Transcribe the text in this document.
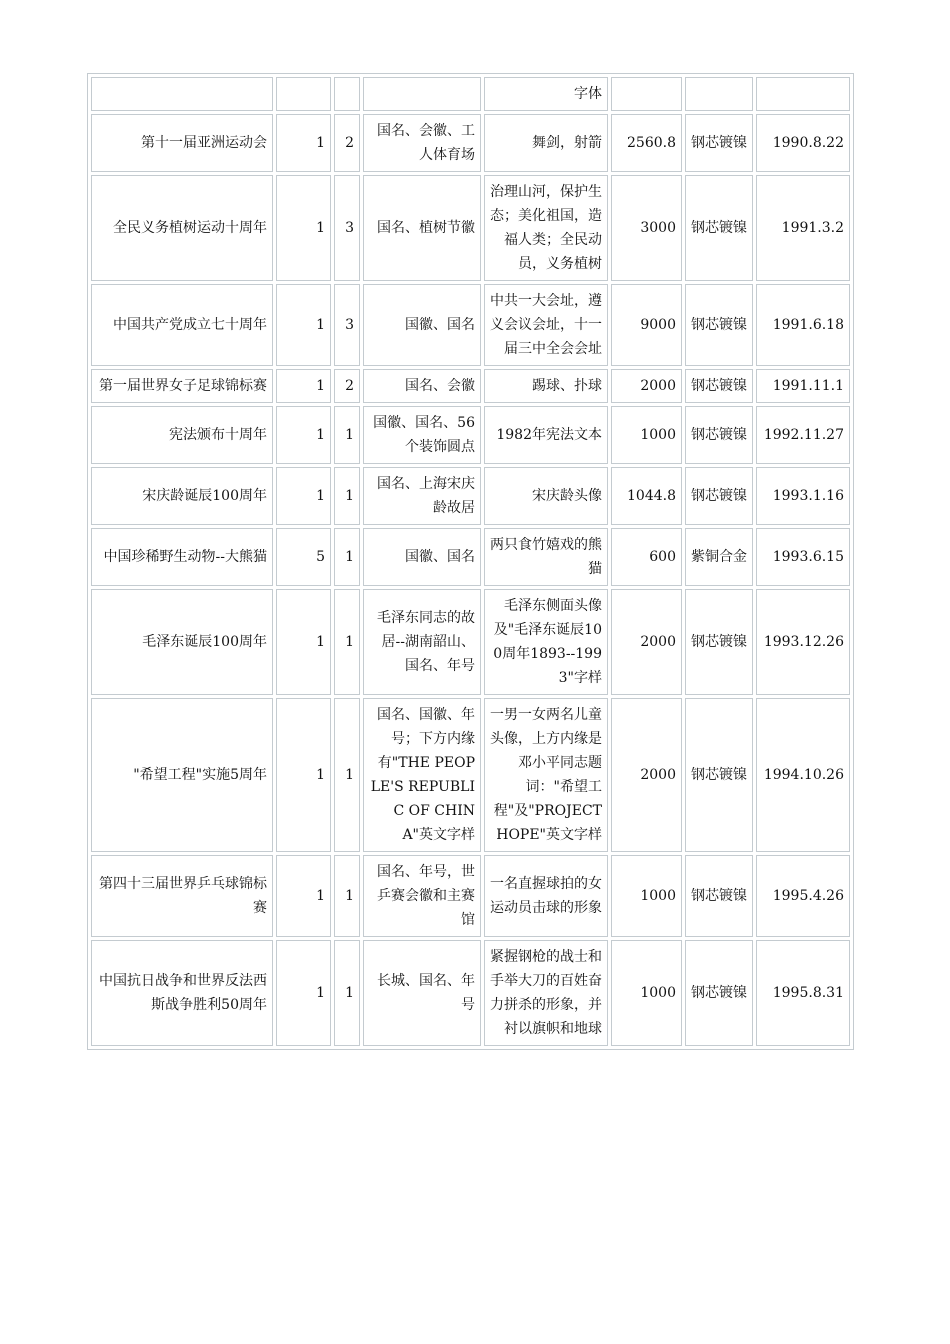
				字体			
第十一届亚洲运动会	1	2	国名、会徽、工人体育场	舞剑，射箭	2560.8	钢芯镀镍	1990.8.22
全民义务植树运动十周年	1	3	国名、植树节徽	治理山河，保护生态；美化祖国，造福人类；全民动员，义务植树	3000	钢芯镀镍	1991.3.2
中国共产党成立七十周年	1	3	国徽、国名	中共一大会址，遵义会议会址，十一届三中全会会址	9000	钢芯镀镍	1991.6.18
第一届世界女子足球锦标赛	1	2	国名、会徽	踢球、扑球	2000	钢芯镀镍	1991.11.1
宪法颁布十周年	1	1	国徽、国名、56个装饰圆点	1982年宪法文本	1000	钢芯镀镍	1992.11.27
宋庆龄诞辰100周年	1	1	国名、上海宋庆龄故居	宋庆龄头像	1044.8	钢芯镀镍	1993.1.16
中国珍稀野生动物--大熊猫	5	1	国徽、国名	两只食竹嬉戏的熊猫	600	紫铜合金	1993.6.15
毛泽东诞辰100周年	1	1	毛泽东同志的故居--湖南韶山、国名、年号	毛泽东侧面头像及"毛泽东诞辰100周年1893--1993"字样	2000	钢芯镀镍	1993.12.26
"希望工程"实施5周年	1	1	国名、国徽、年号；下方内缘有"THE PEOPLE'S REPUBLIC OF CHINA"英文字样	一男一女两名儿童头像，上方内缘是邓小平同志题词："希望工程"及"PROJECT HOPE"英文字样	2000	钢芯镀镍	1994.10.26
第四十三届世界乒乓球锦标赛	1	1	国名、年号，世乒赛会徽和主赛馆	一名直握球拍的女运动员击球的形象	1000	钢芯镀镍	1995.4.26
中国抗日战争和世界反法西斯战争胜利50周年	1	1	长城、国名、年号	紧握钢枪的战士和手举大刀的百姓奋力拼杀的形象，并衬以旗帜和地球	1000	钢芯镀镍	1995.8.31
